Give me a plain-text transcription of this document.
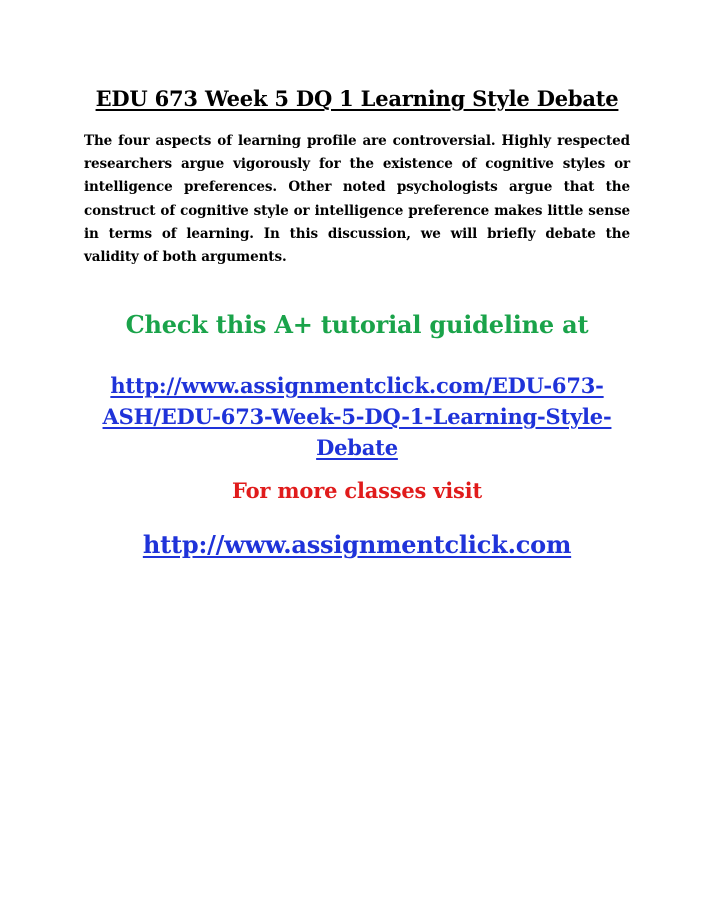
EDU 673 Week 5 DQ 1 Learning Style Debate
The four aspects of learning profile are controversial. Highly respected researchers argue vigorously for the existence of cognitive styles or intelligence preferences. Other noted psychologists argue that the construct of cognitive style or intelligence preference makes little sense in terms of learning. In this discussion, we will briefly debate the validity of both arguments.
Check this A+ tutorial guideline at
http://www.assignmentclick.com/EDU-673-
ASH/EDU-673-Week-5-DQ-1-Learning-Style-
Debate
For more classes visit
http://www.assignmentclick.com
